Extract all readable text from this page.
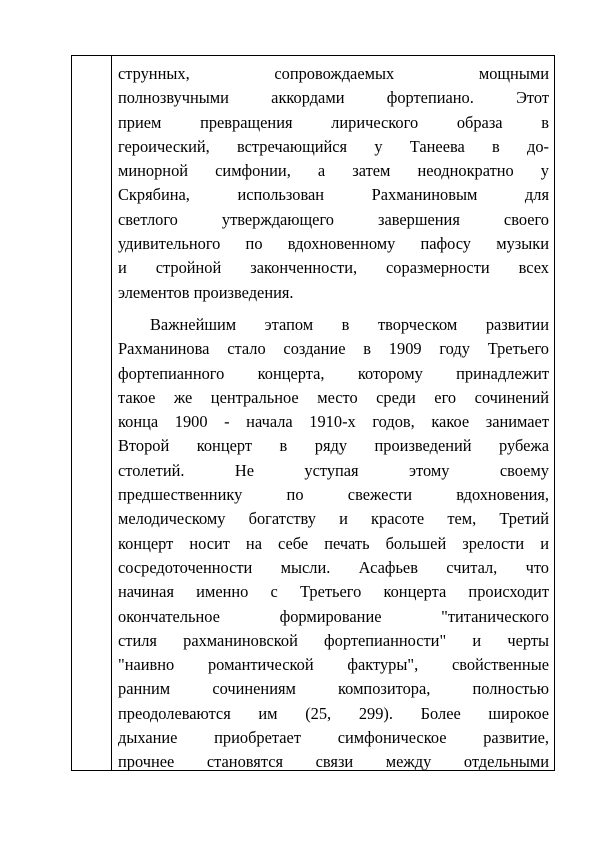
струнных, сопровождаемых мощными
полнозвучными аккордами фортепиано. Этот
прием превращения лирического образа в
героический, встречающийся у Танеева в до-
минорной симфонии, а затем неоднократно у
Скрябина, использован Рахманиновым для
светлого утверждающего завершения своего
удивительного по вдохновенному пафосу музыки
и стройной законченности, соразмерности всех
элементов произведения.
Важнейшим этапом в творческом развитии
Рахманинова стало создание в 1909 году Третьего
фортепианного концерта, которому принадлежит
такое же центральное место среди его сочинений
конца 1900 - начала 1910-х годов, какое занимает
Второй концерт в ряду произведений рубежа
столетий. Не уступая этому своему
предшественнику по свежести вдохновения,
мелодическому богатству и красоте тем, Третий
концерт носит на себе печать большей зрелости и
сосредоточенности мысли. Асафьев считал, что
начиная именно с Третьего концерта происходит
окончательное формирование "титанического
стиля рахманиновской фортепианности" и черты
"наивно романтической фактуры", свойственные
ранним сочинениям композитора, полностью
преодолеваются им (25, 299). Более широкое
дыхание приобретает симфоническое развитие,
прочнее становятся связи между отдельными
